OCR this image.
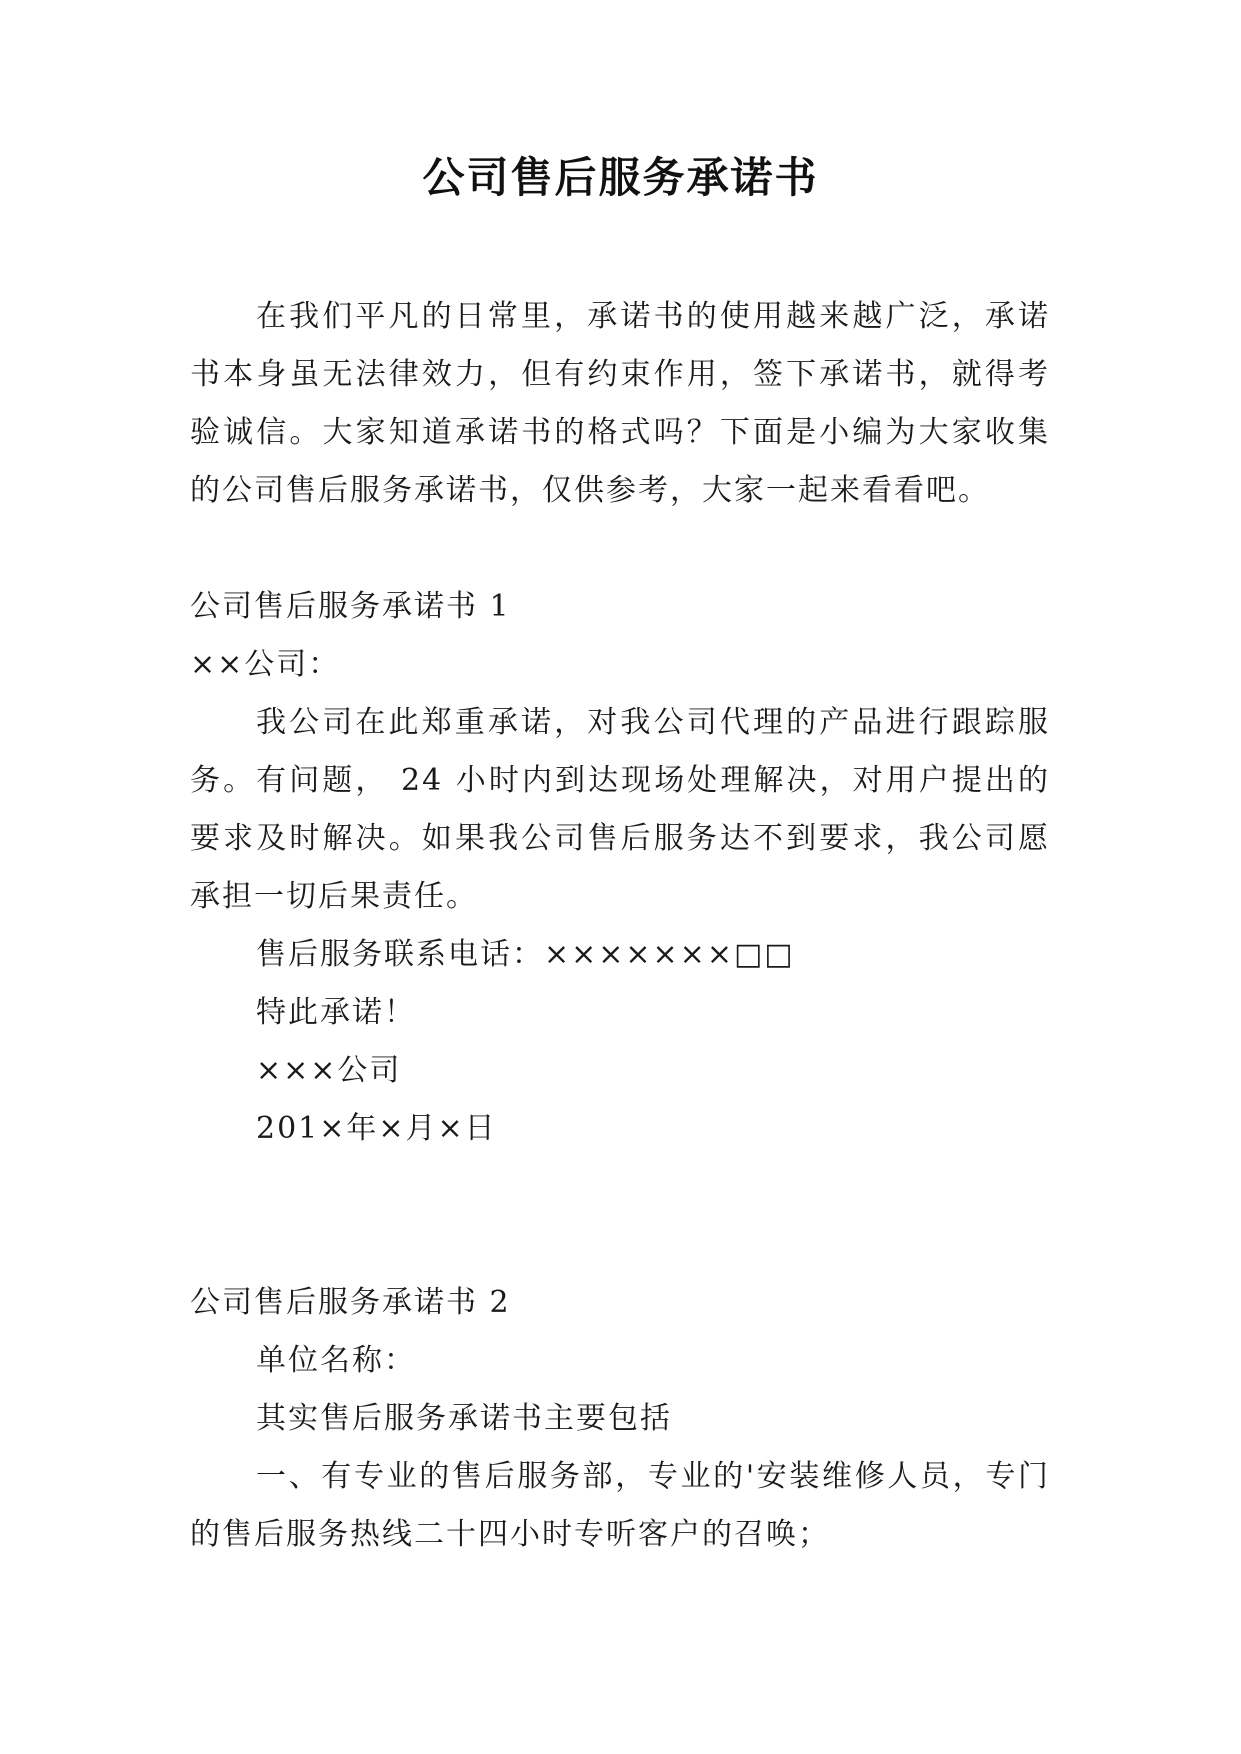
公司售后服务承诺书

在我们平凡的日常里，承诺书的使用越来越广泛，承诺书本身虽无法律效力，但有约束作用，签下承诺书，就得考验诚信。大家知道承诺书的格式吗？下面是小编为大家收集的公司售后服务承诺书，仅供参考，大家一起来看看吧。

公司售后服务承诺书 1

××公司：

我公司在此郑重承诺，对我公司代理的产品进行跟踪服务。有问题， 24 小时内到达现场处理解决，对用户提出的要求及时解决。如果我公司售后服务达不到要求，我公司愿承担一切后果责任。

售后服务联系电话：×××××××□□

特此承诺！

×××公司

201×年×月×日

公司售后服务承诺书 2

单位名称：

其实售后服务承诺书主要包括

一、有专业的售后服务部，专业的'安装维修人员，专门的售后服务热线二十四小时专听客户的召唤；
